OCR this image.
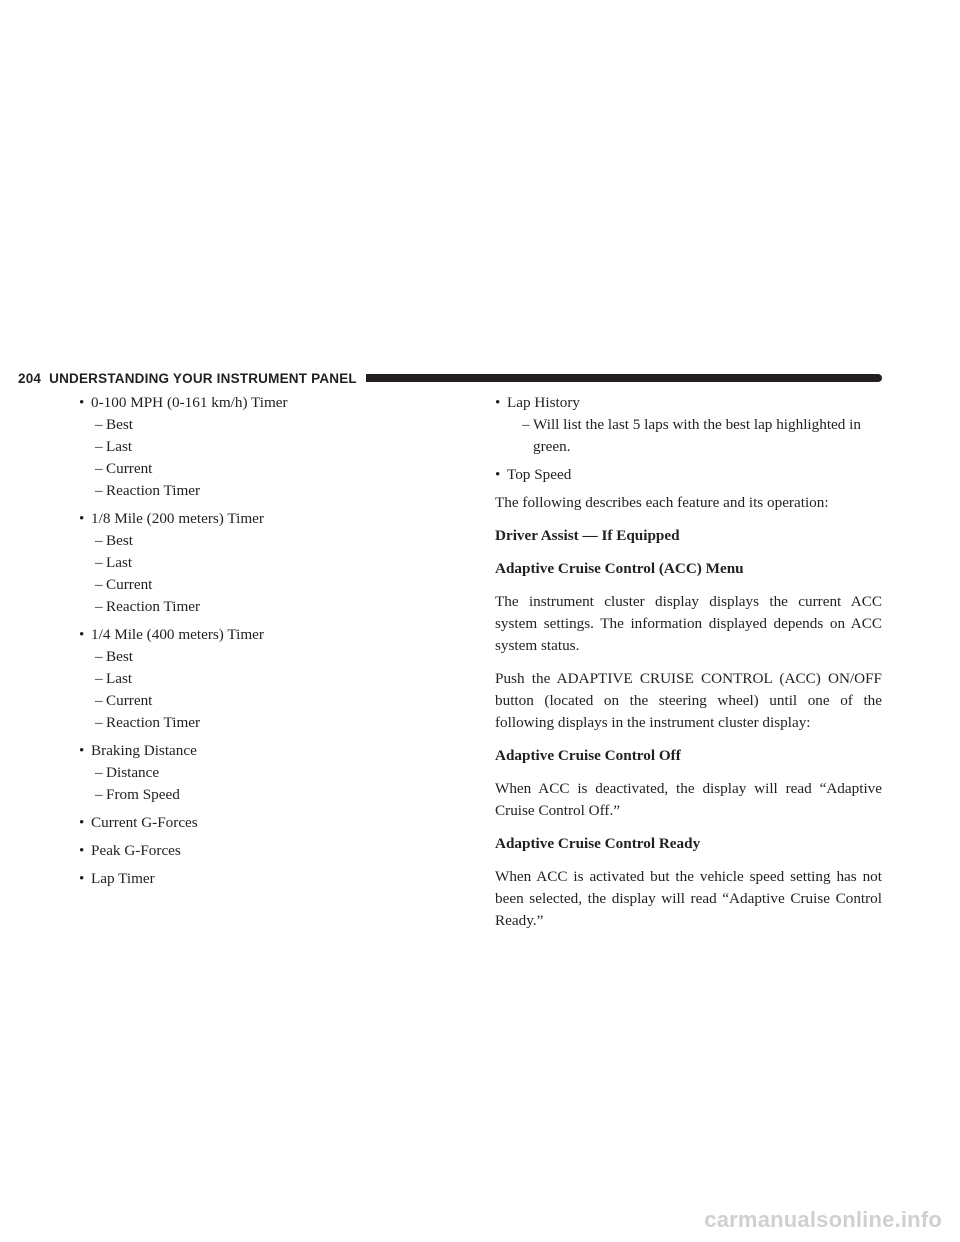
204 UNDERSTANDING YOUR INSTRUMENT PANEL
• 0-100 MPH (0-161 km/h) Timer
– Best
– Last
– Current
– Reaction Timer
• 1/8 Mile (200 meters) Timer
– Best
– Last
– Current
– Reaction Timer
• 1/4 Mile (400 meters) Timer
– Best
– Last
– Current
– Reaction Timer
• Braking Distance
– Distance
– From Speed
• Current G-Forces
• Peak G-Forces
• Lap Timer
• Lap History
– Will list the last 5 laps with the best lap highlighted in green.
• Top Speed

The following describes each feature and its operation:

Driver Assist — If Equipped

Adaptive Cruise Control (ACC) Menu

The instrument cluster display displays the current ACC system settings. The information displayed depends on ACC system status.

Push the ADAPTIVE CRUISE CONTROL (ACC) ON/OFF button (located on the steering wheel) until one of the following displays in the instrument cluster display:

Adaptive Cruise Control Off

When ACC is deactivated, the display will read “Adaptive Cruise Control Off.”

Adaptive Cruise Control Ready

When ACC is activated but the vehicle speed setting has not been selected, the display will read “Adaptive Cruise Control Ready.”

carmanualsonline.info
